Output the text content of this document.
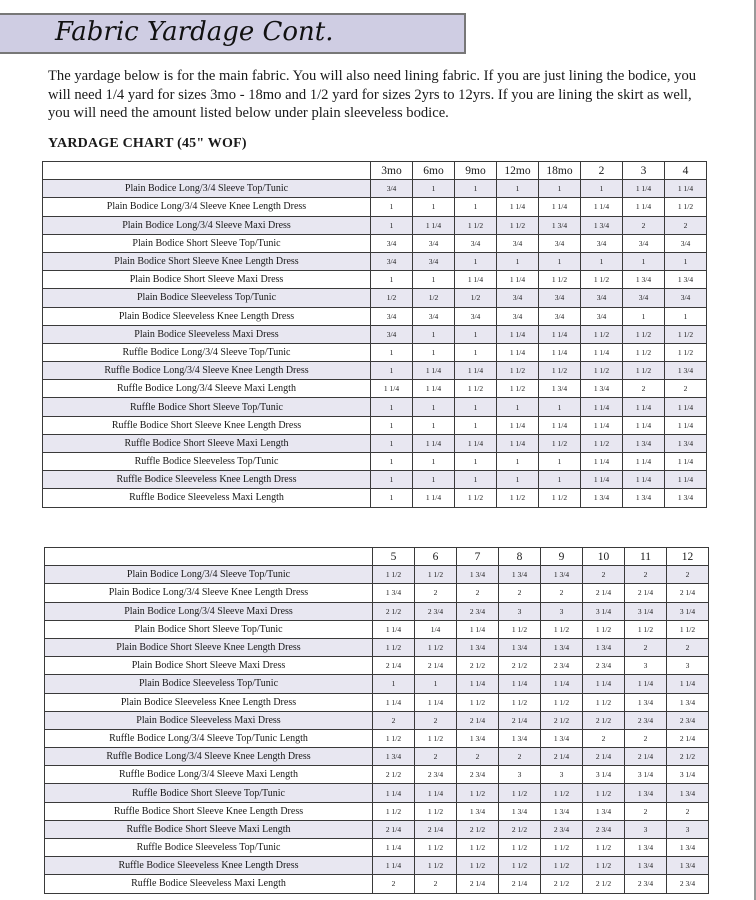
Fabric Yardage Cont.
The yardage below is for the main fabric. You will also need lining fabric. If you are just lining the bodice, you will need 1/4 yard for sizes 3mo - 18mo and 1/2 yard for sizes 2yrs to 12yrs. If you are lining the skirt as well, you will need the amount listed below under plain sleeveless bodice.
YARDAGE CHART (45" WOF)
	3mo	6mo	9mo	12mo	18mo	2	3	4
Plain Bodice Long/3/4 Sleeve Top/Tunic	3/4	1	1	1	1	1	1 1/4	1 1/4
Plain Bodice Long/3/4 Sleeve Knee Length Dress	1	1	1	1 1/4	1 1/4	1 1/4	1 1/4	1 1/2
Plain Bodice Long/3/4 Sleeve Maxi Dress	1	1 1/4	1 1/2	1 1/2	1 3/4	1 3/4	2	2
Plain Bodice Short Sleeve Top/Tunic	3/4	3/4	3/4	3/4	3/4	3/4	3/4	3/4
Plain Bodice Short Sleeve Knee Length Dress	3/4	3/4	1	1	1	1	1	1
Plain Bodice Short Sleeve Maxi Dress	1	1	1 1/4	1 1/4	1 1/2	1 1/2	1 3/4	1 3/4
Plain Bodice Sleeveless Top/Tunic	1/2	1/2	1/2	3/4	3/4	3/4	3/4	3/4
Plain Bodice Sleeveless Knee Length Dress	3/4	3/4	3/4	3/4	3/4	3/4	1	1
Plain Bodice Sleeveless Maxi Dress	3/4	1	1	1 1/4	1 1/4	1 1/2	1 1/2	1 1/2
Ruffle Bodice Long/3/4 Sleeve Top/Tunic	1	1	1	1 1/4	1 1/4	1 1/4	1 1/2	1 1/2
Ruffle Bodice Long/3/4 Sleeve Knee Length Dress	1	1 1/4	1 1/4	1 1/2	1 1/2	1 1/2	1 1/2	1 3/4
Ruffle Bodice Long/3/4 Sleeve Maxi Length	1 1/4	1 1/4	1 1/2	1 1/2	1 3/4	1 3/4	2	2
Ruffle Bodice Short Sleeve Top/Tunic	1	1	1	1	1	1 1/4	1 1/4	1 1/4
Ruffle Bodice Short Sleeve Knee Length Dress	1	1	1	1 1/4	1 1/4	1 1/4	1 1/4	1 1/4
Ruffle Bodice Short Sleeve Maxi Length	1	1 1/4	1 1/4	1 1/4	1 1/2	1 1/2	1 3/4	1 3/4
Ruffle Bodice Sleeveless Top/Tunic	1	1	1	1	1	1 1/4	1 1/4	1 1/4
Ruffle Bodice Sleeveless Knee Length Dress	1	1	1	1	1	1 1/4	1 1/4	1 1/4
Ruffle Bodice Sleeveless Maxi Length	1	1 1/4	1 1/2	1 1/2	1 1/2	1 3/4	1 3/4	1 3/4
	5	6	7	8	9	10	11	12
Plain Bodice Long/3/4 Sleeve Top/Tunic	1 1/2	1 1/2	1 3/4	1 3/4	1 3/4	2	2	2
Plain Bodice Long/3/4 Sleeve Knee Length Dress	1 3/4	2	2	2	2	2 1/4	2 1/4	2 1/4
Plain Bodice Long/3/4 Sleeve Maxi Dress	2 1/2	2 3/4	2 3/4	3	3	3 1/4	3 1/4	3 1/4
Plain Bodice Short Sleeve Top/Tunic	1 1/4	1/4	1 1/4	1 1/2	1 1/2	1 1/2	1 1/2	1 1/2
Plain Bodice Short Sleeve Knee Length Dress	1 1/2	1 1/2	1 3/4	1 3/4	1 3/4	1 3/4	2	2
Plain Bodice Short Sleeve Maxi Dress	2 1/4	2 1/4	2 1/2	2 1/2	2 3/4	2 3/4	3	3
Plain Bodice Sleeveless Top/Tunic	1	1	1 1/4	1 1/4	1 1/4	1 1/4	1 1/4	1 1/4
Plain Bodice Sleeveless Knee Length Dress	1 1/4	1 1/4	1 1/2	1 1/2	1 1/2	1 1/2	1 3/4	1 3/4
Plain Bodice Sleeveless Maxi Dress	2	2	2 1/4	2 1/4	2 1/2	2 1/2	2 3/4	2 3/4
Ruffle Bodice Long/3/4 Sleeve Top/Tunic Length	1 1/2	1 1/2	1 3/4	1 3/4	1 3/4	2	2	2 1/4
Ruffle Bodice Long/3/4 Sleeve Knee Length Dress	1 3/4	2	2	2	2 1/4	2 1/4	2 1/4	2 1/2
Ruffle Bodice Long/3/4 Sleeve Maxi Length	2 1/2	2 3/4	2 3/4	3	3	3 1/4	3 1/4	3 1/4
Ruffle Bodice Short Sleeve Top/Tunic	1 1/4	1 1/4	1 1/2	1 1/2	1 1/2	1 1/2	1 3/4	1 3/4
Ruffle Bodice Short Sleeve Knee Length Dress	1 1/2	1 1/2	1 3/4	1 3/4	1 3/4	1 3/4	2	2
Ruffle Bodice Short Sleeve Maxi Length	2 1/4	2 1/4	2 1/2	2 1/2	2 3/4	2 3/4	3	3
Ruffle Bodice Sleeveless Top/Tunic	1 1/4	1 1/2	1 1/2	1 1/2	1 1/2	1 1/2	1 3/4	1 3/4
Ruffle Bodice Sleeveless Knee Length Dress	1 1/4	1 1/2	1 1/2	1 1/2	1 1/2	1 1/2	1 3/4	1 3/4
Ruffle Bodice Sleeveless Maxi Length	2	2	2 1/4	2 1/4	2 1/2	2 1/2	2 3/4	2 3/4
